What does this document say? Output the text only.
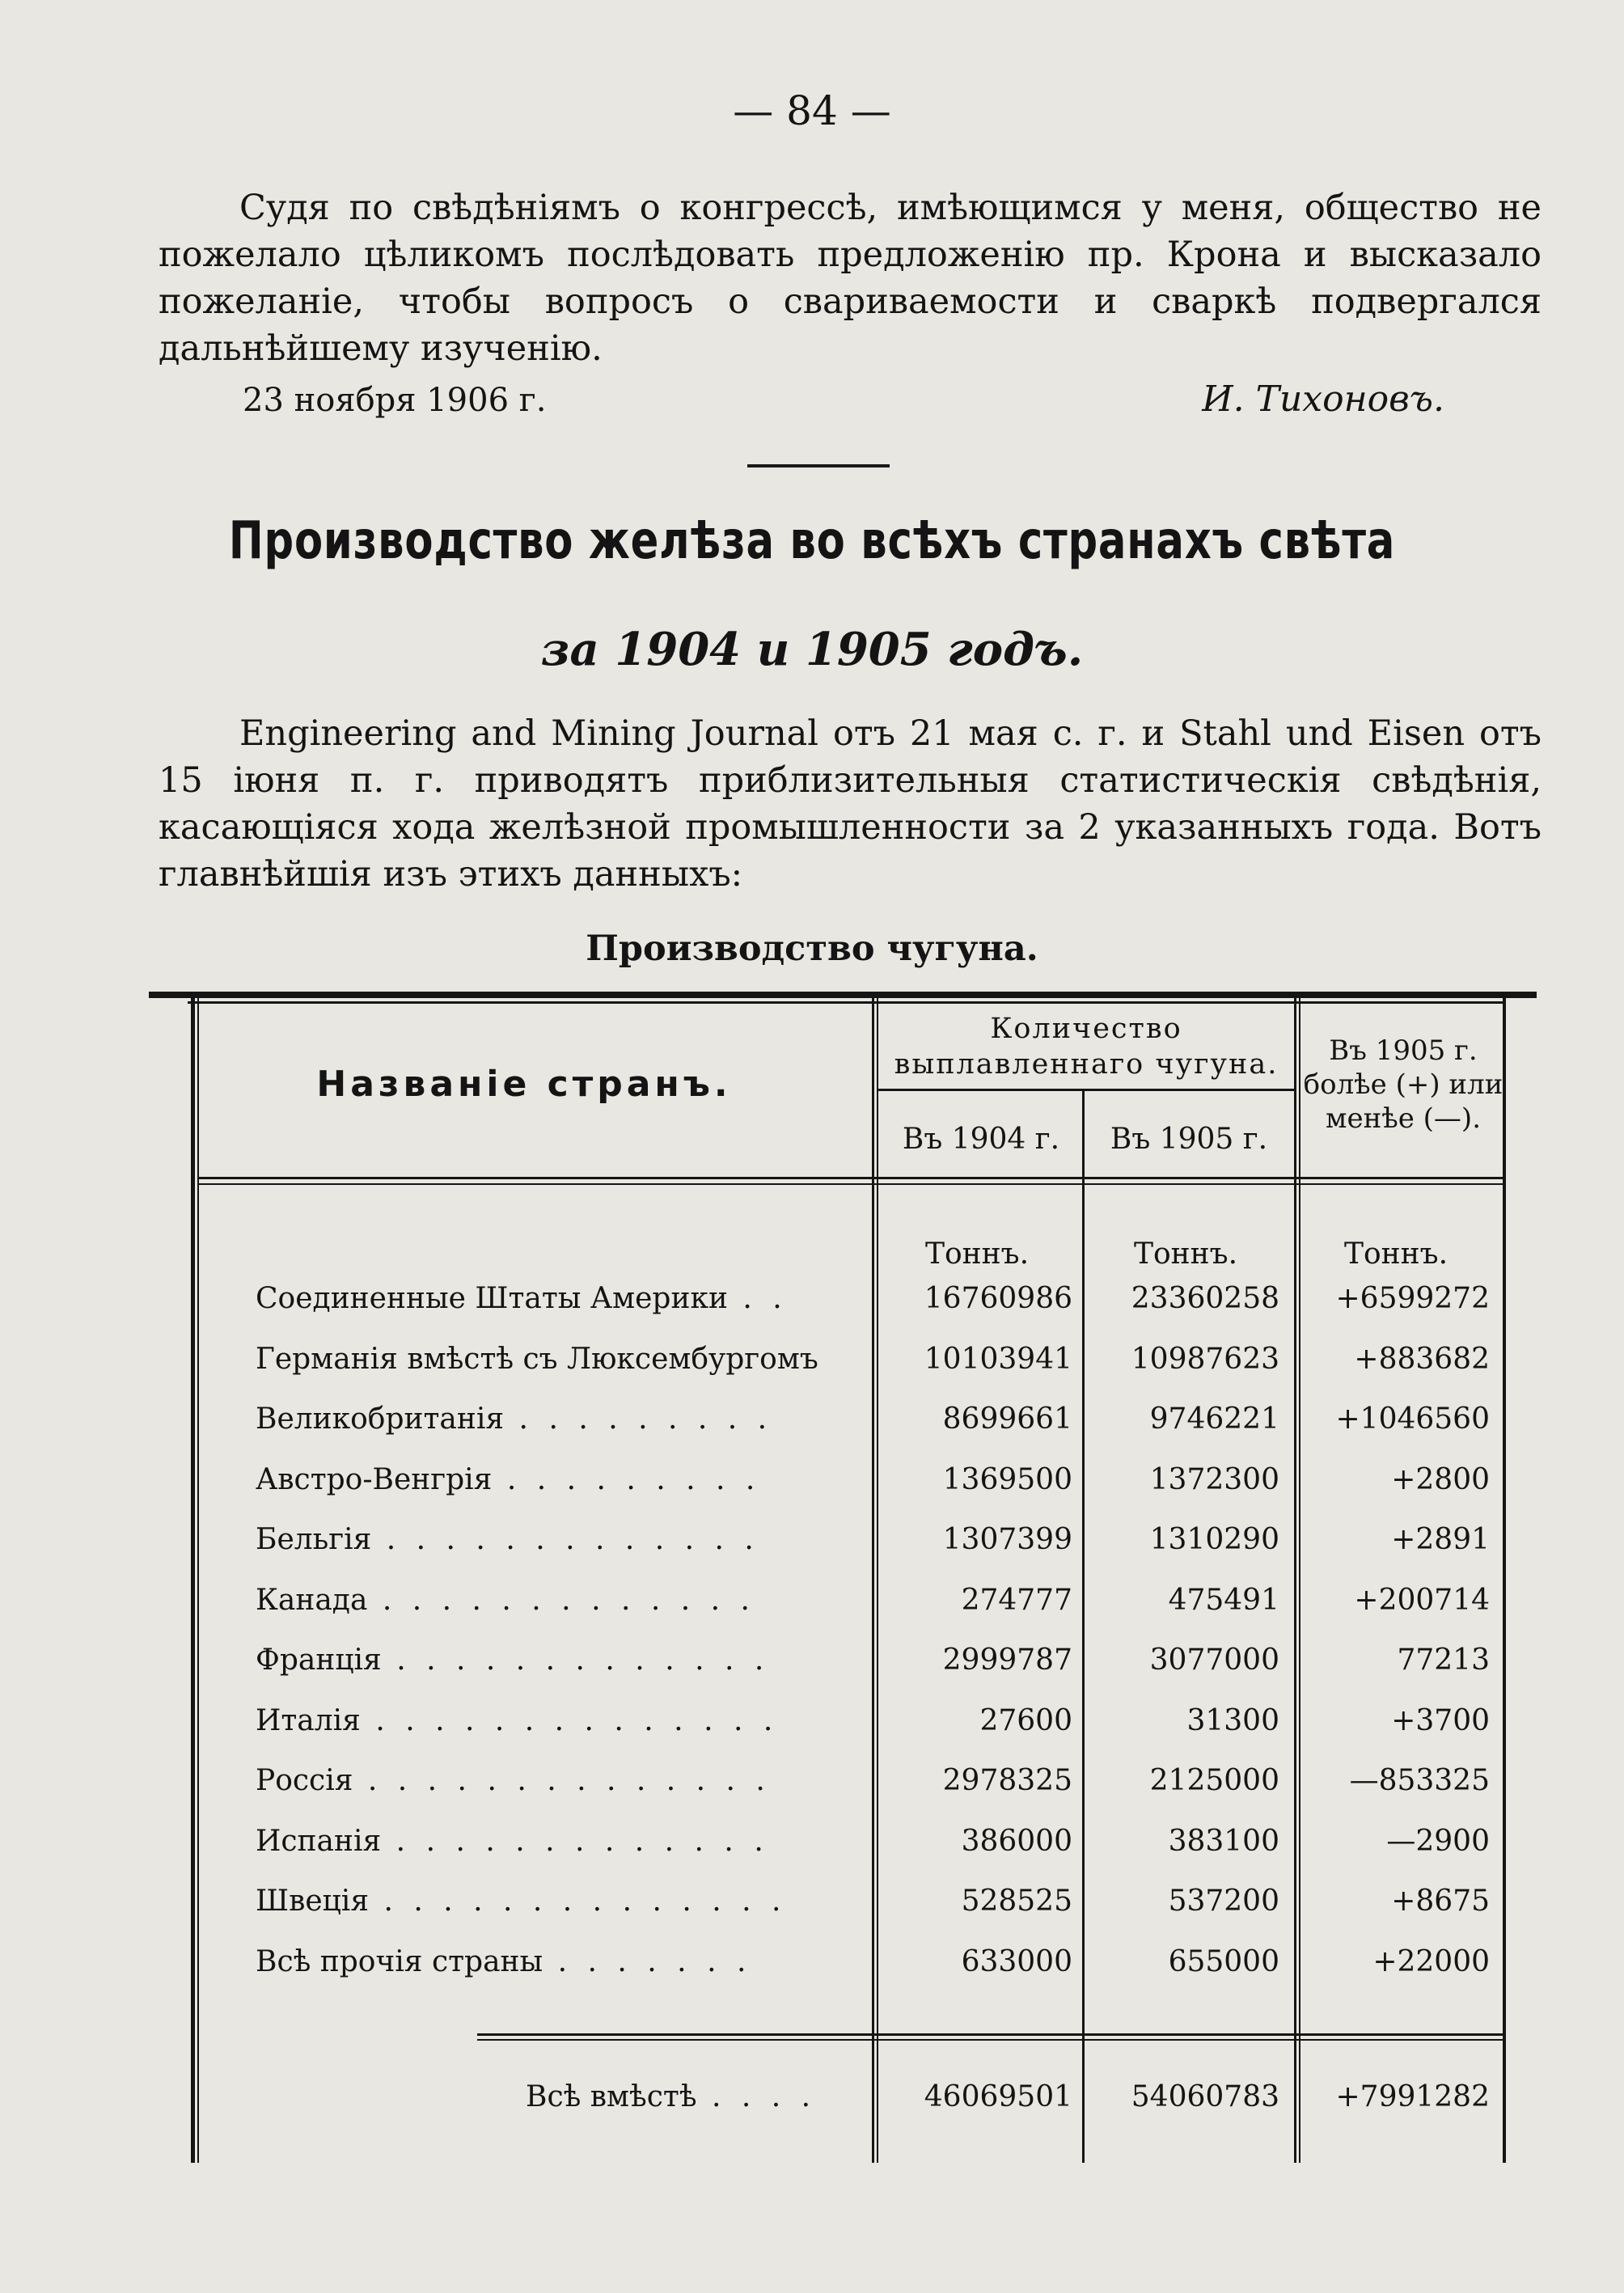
— 84 —

Судя по свѣдѣніямъ о конгрессѣ, имѣющимся у меня, общество не пожелало цѣликомъ послѣдовать предложенію пр. Крона и высказало пожеланіе, чтобы вопросъ о свариваемости и сваркѣ подвергался дальнѣйшему изученію.

23 ноября 1906 г.	И. Тихоновъ.
Производство желѣза во всѣхъ странахъ свѣта
за 1904 и 1905 годъ.

Engineering and Mining Journal отъ 21 мая с. г. и Stahl und Eisen отъ 15 іюня п. г. приводятъ приблизительныя статистическія свѣдѣнія, касающіяся хода желѣзной промышленности за 2 указанныхъ года. Вотъ главнѣйшія изъ этихъ данныхъ:

Производство чугуна.
Названіе странъ.
Количество выплавленнаго чугуна.
Въ 1904 г.	Въ 1905 г.
Въ 1905 г. болѣе (+) или менѣе (—).
Тоннъ.	Тоннъ.	Тоннъ.
Соединенные Штаты Америки . .	16760986	23360258	+6599272
Германія вмѣстѣ съ Люксембургомъ	10103941	10987623	+883682
Великобританія . . . . . . . . .	8699661	9746221	+1046560
Австро-Венгрія . . . . . . . . .	1369500	1372300	+2800
Бельгія . . . . . . . . . . . . .	1307399	1310290	+2891
Канада . . . . . . . . . . . . .	274777	475491	+200714
Франція . . . . . . . . . . . . .	2999787	3077000	77213
Италія . . . . . . . . . . . . . .	27600	31300	+3700
Россія . . . . . . . . . . . . . .	2978325	2125000	—853325
Испанія . . . . . . . . . . . . .	386000	383100	—2900
Швеція . . . . . . . . . . . . . .	528525	537200	+8675
Всѣ прочія страны . . . . . . .	633000	655000	+22000
Всѣ вмѣстѣ . . . .	46069501	54060783	+7991282
